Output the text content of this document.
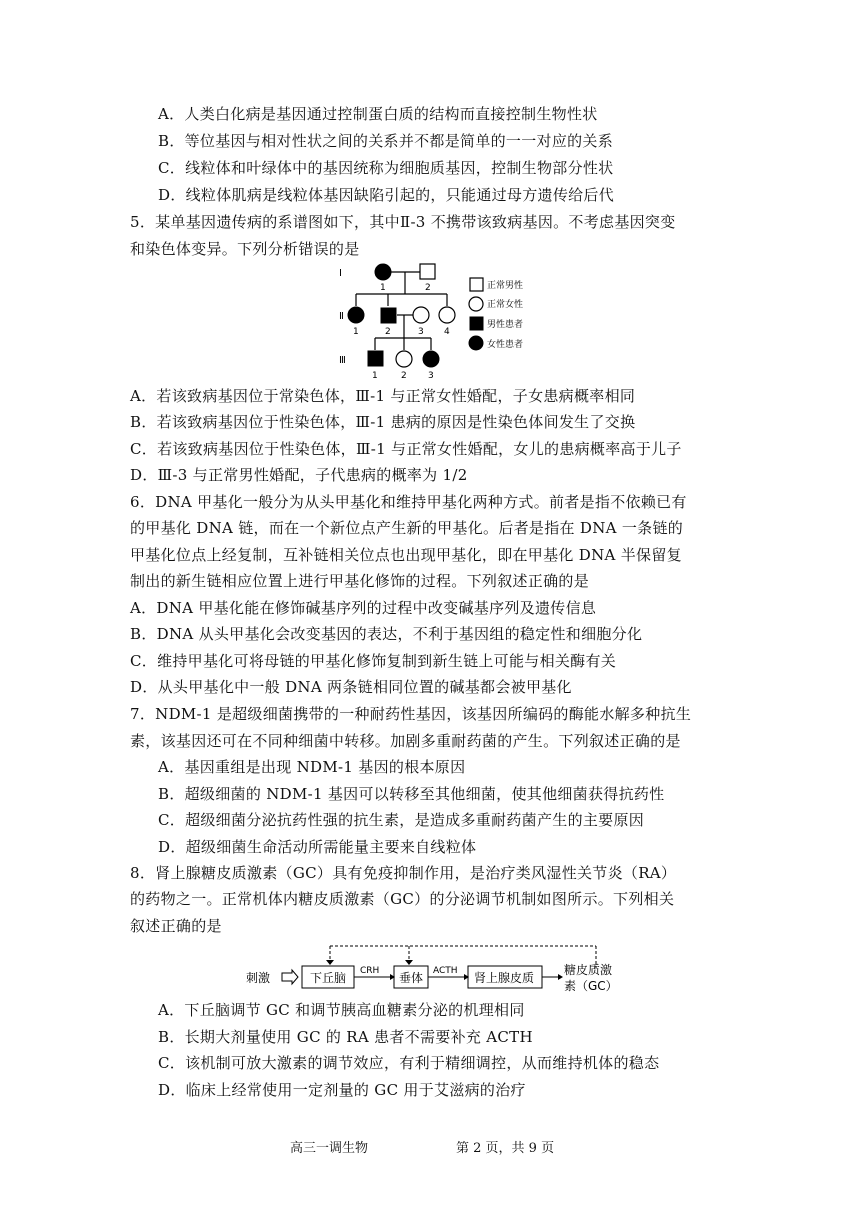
A．人类白化病是基因通过控制蛋白质的结构而直接控制生物性状
B．等位基因与相对性状之间的关系并不都是简单的一一对应的关系
C．线粒体和叶绿体中的基因统称为细胞质基因，控制生物部分性状
D．线粒体肌病是线粒体基因缺陷引起的，只能通过母方遗传给后代
5．某单基因遗传病的系谱图如下，其中Ⅱ-3 不携带该致病基因。不考虑基因突变
和染色体变异。下列分析错误的是
Ⅰ
Ⅱ
Ⅲ
1	2
1	2	3 4
1	2 3
正常男性
正常女性
男性患者
女性患者
A．若该致病基因位于常染色体，Ⅲ-1 与正常女性婚配，子女患病概率相同
B．若该致病基因位于性染色体，Ⅲ-1 患病的原因是性染色体间发生了交换
C．若该致病基因位于性染色体，Ⅲ-1 与正常女性婚配，女儿的患病概率高于儿子
D．Ⅲ-3 与正常男性婚配，子代患病的概率为 1/2
6．DNA 甲基化一般分为从头甲基化和维持甲基化两种方式。前者是指不依赖已有
的甲基化 DNA 链，而在一个新位点产生新的甲基化。后者是指在 DNA 一条链的
甲基化位点上经复制，互补链相关位点也出现甲基化，即在甲基化 DNA 半保留复
制出的新生链相应位置上进行甲基化修饰的过程。下列叙述正确的是
A．DNA 甲基化能在修饰碱基序列的过程中改变碱基序列及遗传信息
B．DNA 从头甲基化会改变基因的表达，不利于基因组的稳定性和细胞分化
C．维持甲基化可将母链的甲基化修饰复制到新生链上可能与相关酶有关
D．从头甲基化中一般 DNA 两条链相同位置的碱基都会被甲基化
7．NDM-1 是超级细菌携带的一种耐药性基因，该基因所编码的酶能水解多种抗生
素，该基因还可在不同种细菌中转移。加剧多重耐药菌的产生。下列叙述正确的是
A．基因重组是出现 NDM-1 基因的根本原因
B．超级细菌的 NDM-1 基因可以转移至其他细菌，使其他细菌获得抗药性
C．超级细菌分泌抗药性强的抗生素，是造成多重耐药菌产生的主要原因
D．超级细菌生命活动所需能量主要来自线粒体
8．肾上腺糖皮质激素（GC）具有免疫抑制作用，是治疗类风湿性关节炎（RA）
的药物之一。正常机体内糖皮质激素（GC）的分泌调节机制如图所示。下列相关
叙述正确的是
刺激	下丘脑	垂体	肾上腺皮质
糖皮质激
素（GC）
CRH	ACTH
A．下丘脑调节 GC 和调节胰高血糖素分泌的机理相同
B．长期大剂量使用 GC 的 RA 患者不需要补充 ACTH
C．该机制可放大激素的调节效应，有利于精细调控，从而维持机体的稳态
D．临床上经常使用一定剂量的 GC 用于艾滋病的治疗
高三一调生物	第 2 页，共 9 页
